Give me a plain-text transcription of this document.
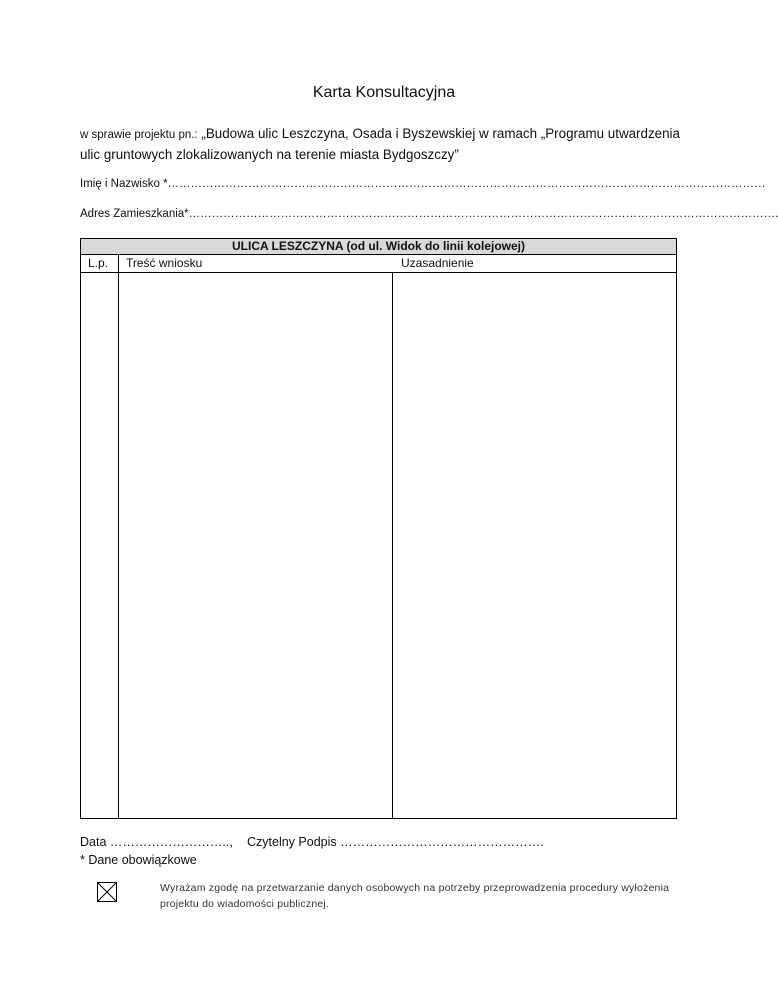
Karta Konsultacyjna
w sprawie projektu pn.: „Budowa ulic Leszczyna, Osada i Byszewskiej w ramach „Programu utwardzenia ulic gruntowych zlokalizowanych na terenie miasta Bydgoszczy”
Imię i Nazwisko *…………………………………………………………………………………………………………………………………………
Adres Zamieszkania*……………………………………………………………………………………………………………………………………….
ULICA LESZCZYNA (od ul. Widok do linii kolejowej)
L.p. Treść wniosku	Uzasadnienie
Data ……………………….., Czytelny Podpis ………………………………………….
* Dane obowiązkowe
Wyrażam zgodę na przetwarzanie danych osobowych na potrzeby przeprowadzenia procedury wyłożenia projektu do wiadomości publicznej.
